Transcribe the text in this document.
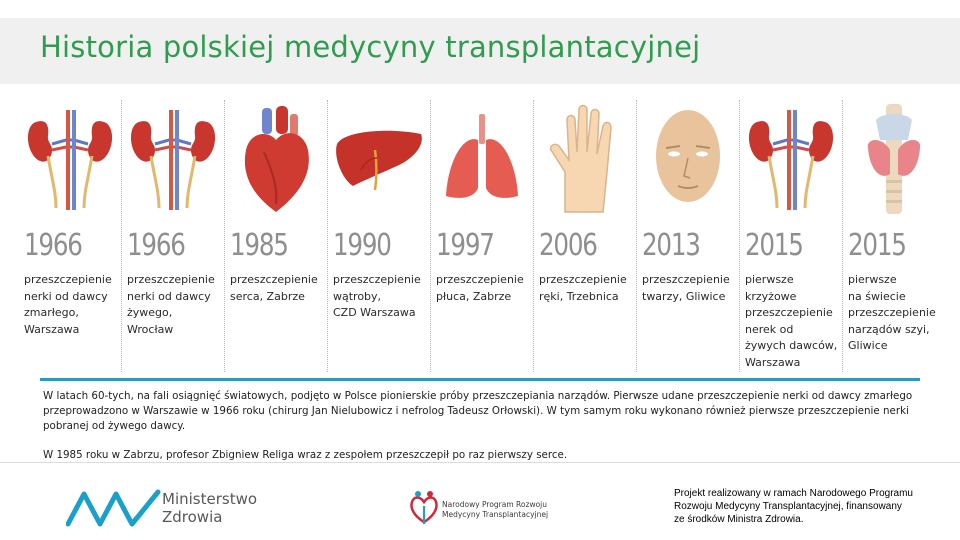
Historia polskiej medycyny transplantacyjnej
1966
przeszczepienie
nerki od dawcy
zmarłego,
Warszawa
1966
przeszczepienie
nerki od dawcy
żywego,
Wrocław
1985
przeszczepienie
serca, Zabrze
1990
przeszczepienie
wątroby,
CZD Warszawa
1997
przeszczepienie
płuca, Zabrze
2006
przeszczepienie
ręki, Trzebnica
2013
przeszczepienie
twarzy, Gliwice
2015
pierwsze
krzyżowe
przeszczepienie
nerek od
żywych dawców,
Warszawa
2015
pierwsze
na świecie
przeszczepienie
narządów szyi,
Gliwice
W latach 60-tych, na fali osiągnięć światowych, podjęto w Polsce pionierskie próby przeszczepiania narządów. Pierwsze udane przeszczepienie nerki od dawcy zmarłego przeprowadzono w Warszawie w 1966 roku (chirurg Jan Nielubowicz i nefrolog Tadeusz Orłowski). W tym samym roku wykonano również pierwsze przeszczepienie nerki pobranej od żywego dawcy.
W 1985 roku w Zabrzu, profesor Zbigniew Religa wraz z zespołem przeszczepił po raz pierwszy serce.
Ministerstwo
Zdrowia
Narodowy Program Rozwoju
Medycyny Transplantacyjnej
Projekt realizowany w ramach Narodowego Programu Rozwoju Medycyny Transplantacyjnej, finansowany ze środków Ministra Zdrowia.
